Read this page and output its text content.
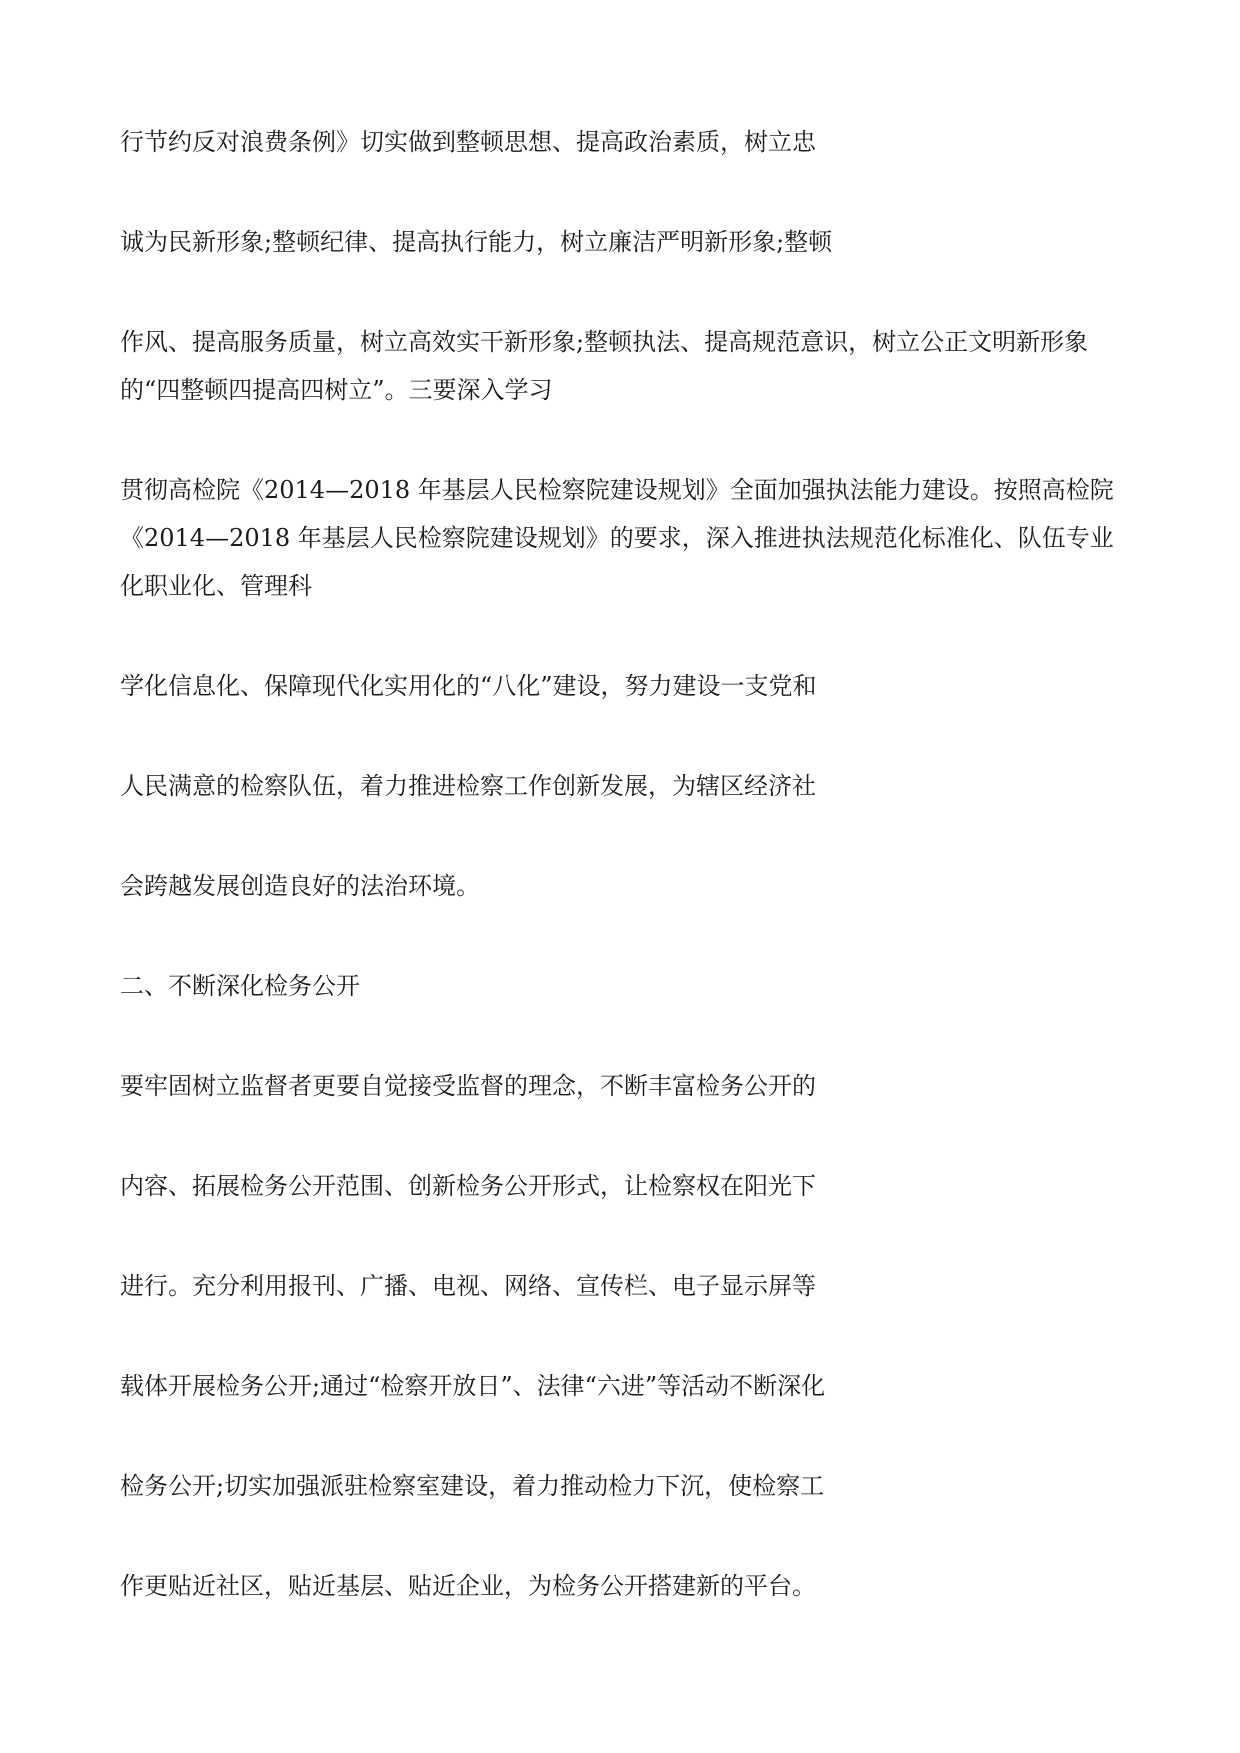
行节约反对浪费条例》切实做到整顿思想、提高政治素质，树立忠

诚为民新形象;整顿纪律、提高执行能力，树立廉洁严明新形象;整顿

作风、提高服务质量，树立高效实干新形象;整顿执法、提高规范意识，树立公正文明新形象

的“四整顿四提高四树立”。三要深入学习

贯彻高检院《2014—2018 年基层人民检察院建设规划》全面加强执法能力建设。按照高检院

《2014—2018 年基层人民检察院建设规划》的要求，深入推进执法规范化标准化、队伍专业

化职业化、管理科

学化信息化、保障现代化实用化的“八化”建设，努力建设一支党和

人民满意的检察队伍，着力推进检察工作创新发展，为辖区经济社

会跨越发展创造良好的法治环境。

二、不断深化检务公开

要牢固树立监督者更要自觉接受监督的理念，不断丰富检务公开的

内容、拓展检务公开范围、创新检务公开形式，让检察权在阳光下

进行。充分利用报刊、广播、电视、网络、宣传栏、电子显示屏等

载体开展检务公开;通过“检察开放日”、法律“六进”等活动不断深化

检务公开;切实加强派驻检察室建设，着力推动检力下沉，使检察工

作更贴近社区，贴近基层、贴近企业，为检务公开搭建新的平台。
